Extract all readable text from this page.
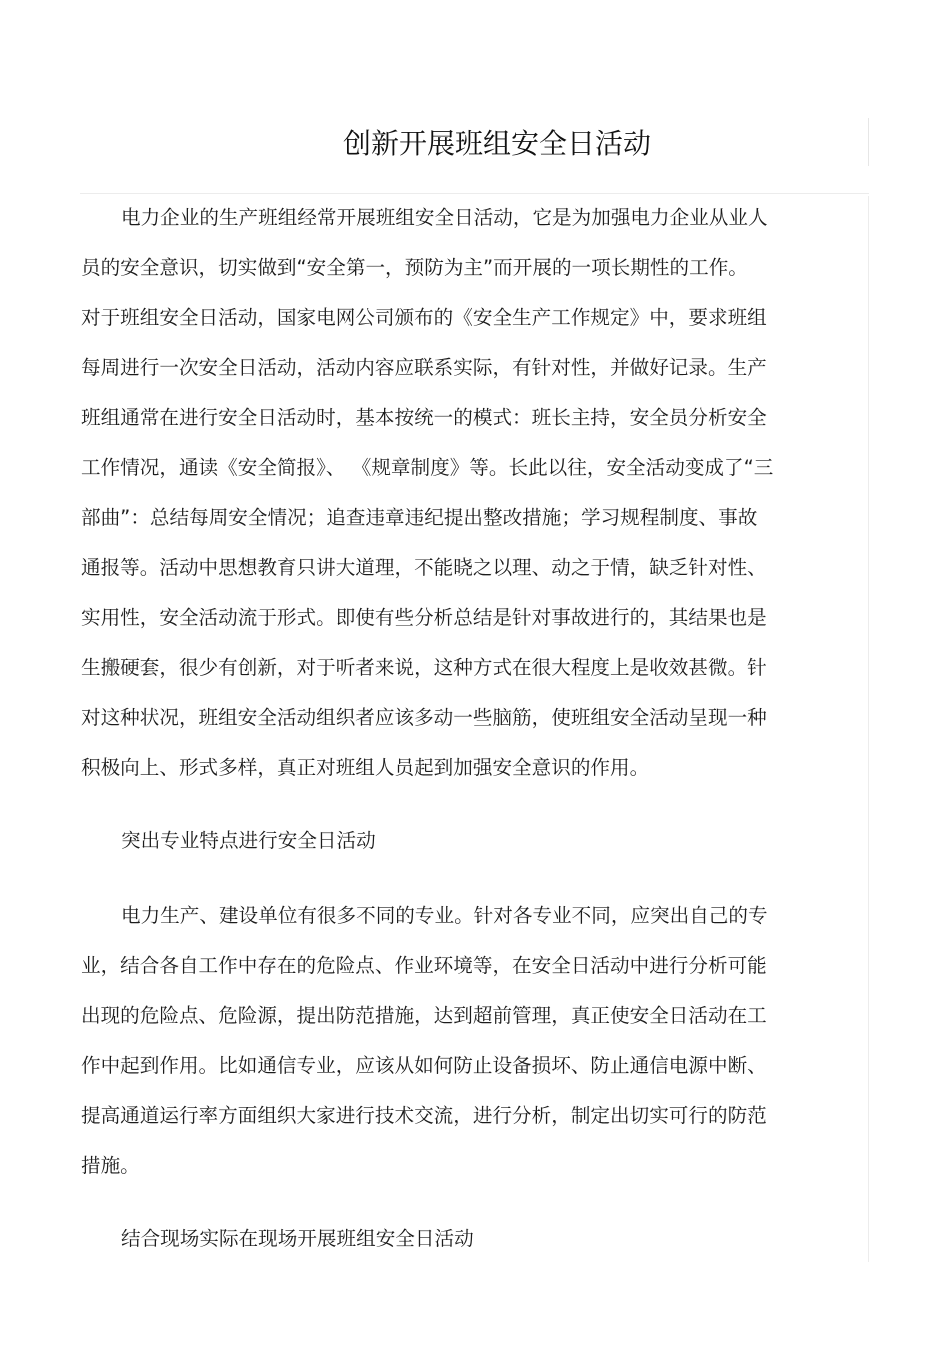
创新开展班组安全日活动
电力企业的生产班组经常开展班组安全日活动，它是为加强电力企业从业人
员的安全意识，切实做到“安全第一，预防为主”而开展的一项长期性的工作。
对于班组安全日活动，国家电网公司颁布的《安全生产工作规定》中，要求班组
每周进行一次安全日活动，活动内容应联系实际，有针对性，并做好记录。生产
班组通常在进行安全日活动时，基本按统一的模式：班长主持，安全员分析安全
工作情况，通读《安全简报》、 《规章制度》等。长此以往，安全活动变成了“三
部曲”：总结每周安全情况；追查违章违纪提出整改措施；学习规程制度、事故
通报等。活动中思想教育只讲大道理，不能晓之以理、动之于情，缺乏针对性、
实用性，安全活动流于形式。即使有些分析总结是针对事故进行的，其结果也是
生搬硬套，很少有创新，对于听者来说，这种方式在很大程度上是收效甚微。针
对这种状况，班组安全活动组织者应该多动一些脑筋，使班组安全活动呈现一种
积极向上、形式多样，真正对班组人员起到加强安全意识的作用。
突出专业特点进行安全日活动
电力生产、建设单位有很多不同的专业。针对各专业不同，应突出自己的专
业，结合各自工作中存在的危险点、作业环境等，在安全日活动中进行分析可能
出现的危险点、危险源，提出防范措施，达到超前管理，真正使安全日活动在工
作中起到作用。比如通信专业，应该从如何防止设备损坏、防止通信电源中断、
提高通道运行率方面组织大家进行技术交流，进行分析，制定出切实可行的防范
措施。
结合现场实际在现场开展班组安全日活动
